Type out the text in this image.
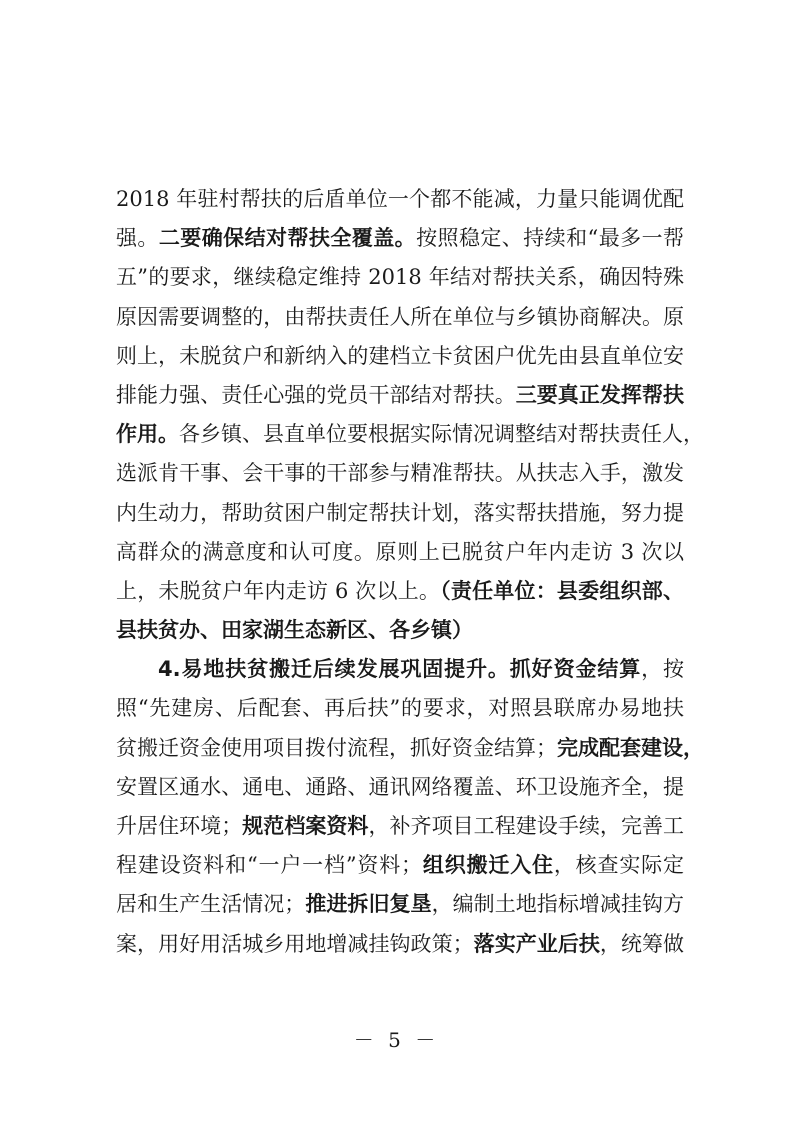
2018 年驻村帮扶的后盾单位一个都不能减，力量只能调优配
强。二要确保结对帮扶全覆盖。按照稳定、持续和“最多一帮
五”的要求，继续稳定维持 2018 年结对帮扶关系，确因特殊
原因需要调整的，由帮扶责任人所在单位与乡镇协商解决。原
则上，未脱贫户和新纳入的建档立卡贫困户优先由县直单位安
排能力强、责任心强的党员干部结对帮扶。三要真正发挥帮扶
作用。各乡镇、县直单位要根据实际情况调整结对帮扶责任人，
选派肯干事、会干事的干部参与精准帮扶。从扶志入手，激发
内生动力，帮助贫困户制定帮扶计划，落实帮扶措施，努力提
高群众的满意度和认可度。原则上已脱贫户年内走访 3 次以
上，未脱贫户年内走访 6 次以上。（责任单位：县委组织部、
县扶贫办、田家湖生态新区、各乡镇）
4.易地扶贫搬迁后续发展巩固提升。抓好资金结算，按
照“先建房、后配套、再后扶”的要求，对照县联席办易地扶
贫搬迁资金使用项目拨付流程，抓好资金结算；完成配套建设，
安置区通水、通电、通路、通讯网络覆盖、环卫设施齐全，提
升居住环境；规范档案资料，补齐项目工程建设手续，完善工
程建设资料和“一户一档”资料；组织搬迁入住，核查实际定
居和生产生活情况；推进拆旧复垦，编制土地指标增减挂钩方
案，用好用活城乡用地增减挂钩政策；落实产业后扶，统筹做
－ 5 －
